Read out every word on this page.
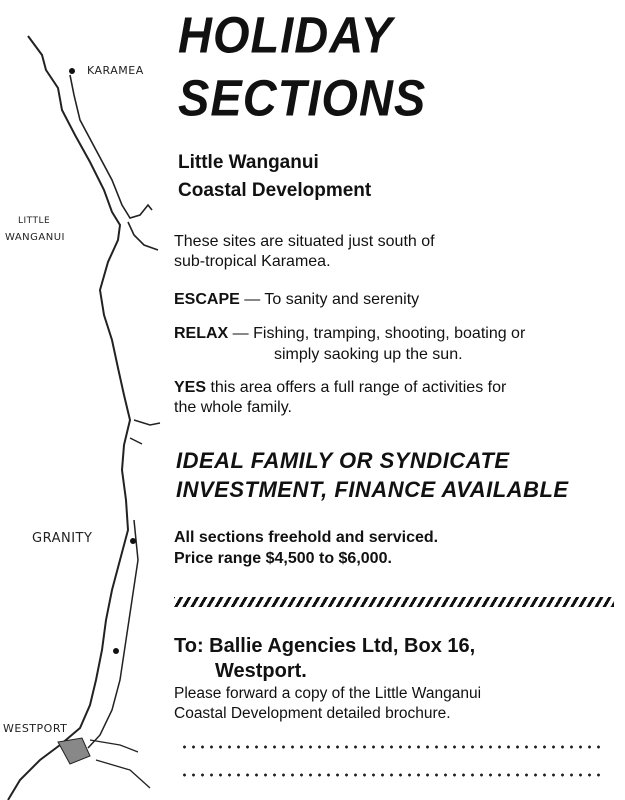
KARAMEA
LITTLE
WANGANUI
GRANITY
WESTPORT
HOLIDAY
SECTIONS
Little Wanganui
Coastal Development
These sites are situated just south of
sub-tropical Karamea.
ESCAPE — To sanity and serenity
RELAX — Fishing, tramping, shooting, boating or
simply saoking up the sun.
YES this area offers a full range of activities for
the whole family.
IDEAL FAMILY OR SYNDICATE
INVESTMENT, FINANCE AVAILABLE
All sections freehold and serviced.
Price range $4,500 to $6,000.
To: Ballie Agencies Ltd, Box 16,
Westport.
Please forward a copy of the Little Wanganui
Coastal Development detailed brochure.
